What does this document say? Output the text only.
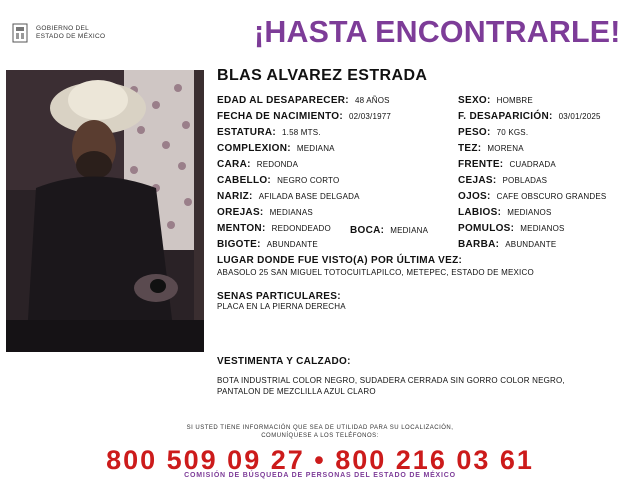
GOBIERNO DEL
ESTADO DE MÉXICO	¡HASTA ENCONTRARLE!
BLAS ALVAREZ ESTRADA
EDAD AL DESAPARECER: 48 AÑOS
FECHA DE NACIMIENTO: 02/03/1977
ESTATURA: 1.58 MTS.
COMPLEXION: MEDIANA
CARA: REDONDA
CABELLO: NEGRO CORTO
NARIZ: AFILADA BASE DELGADA
OREJAS: MEDIANAS
MENTON: REDONDEADO
BIGOTE: ABUNDANTE
BOCA: MEDIANA
SEXO: HOMBRE
F. DESAPARICIÓN: 03/01/2025
PESO: 70 KGS.
TEZ: MORENA
FRENTE: CUADRADA
CEJAS: POBLADAS
OJOS: CAFE OBSCURO GRANDES
LABIOS: MEDIANOS
POMULOS: MEDIANOS
BARBA: ABUNDANTE
LUGAR DONDE FUE VISTO(A) POR ÚLTIMA VEZ:
ABASOLO 25 SAN MIGUEL TOTOCUITLAPILCO, METEPEC, ESTADO DE MEXICO
SENAS PARTICULARES:
PLACA EN LA PIERNA DERECHA
VESTIMENTA Y CALZADO:
BOTA INDUSTRIAL COLOR NEGRO, SUDADERA CERRADA SIN GORRO COLOR NEGRO,
PANTALON DE MEZCLILLA AZUL CLARO
SI USTED TIENE INFORMACIÓN QUE SEA DE UTILIDAD PARA SU LOCALIZACIÓN,
COMUNÍQUESE A LOS TELÉFONOS:
800 509 09 27 • 800 216 03 61
COMISIÓN DE BÚSQUEDA DE PERSONAS DEL ESTADO DE MÉXICO
